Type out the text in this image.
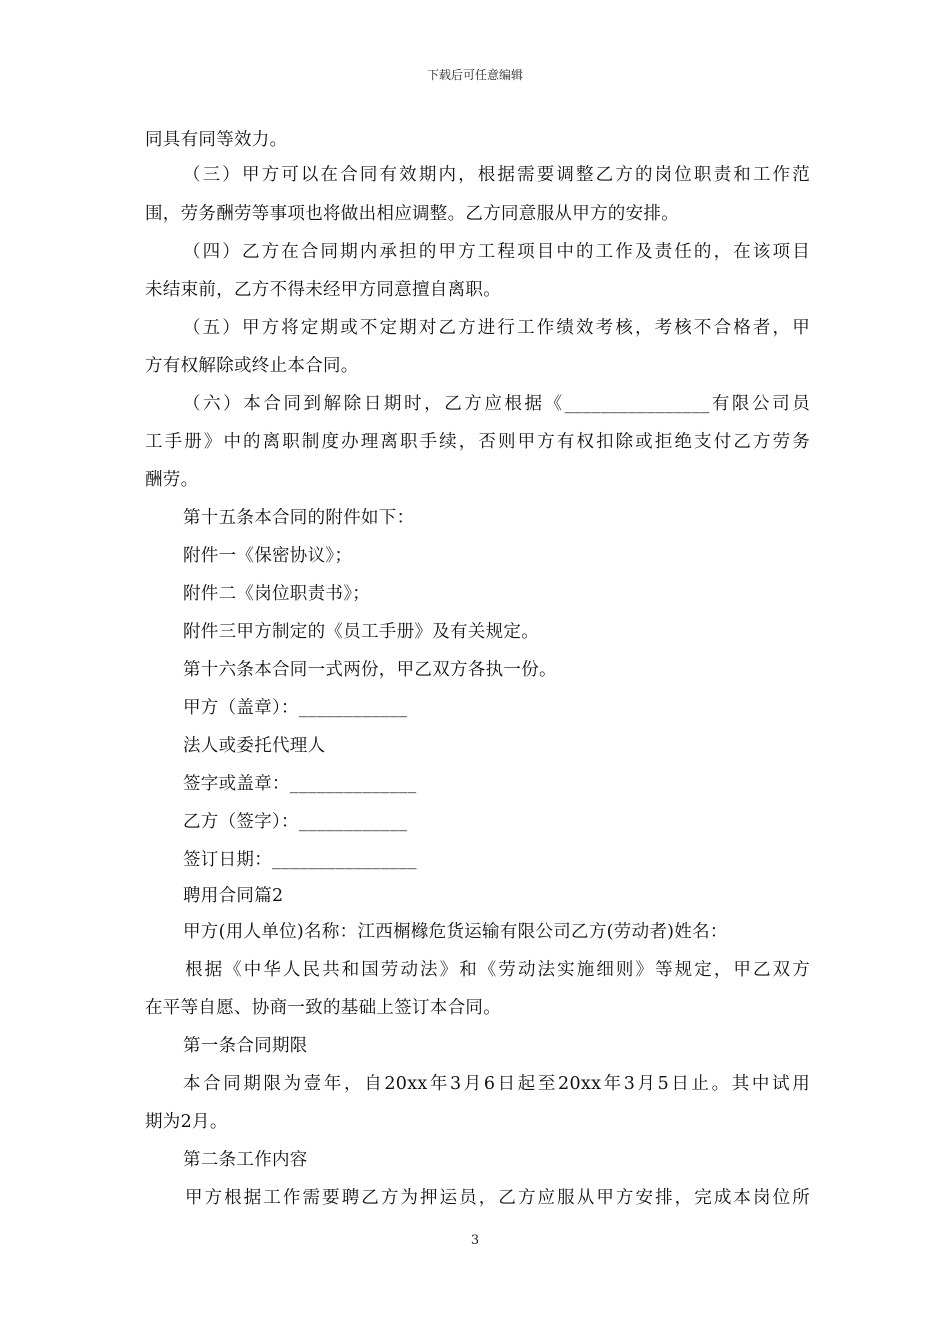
下载后可任意编辑
同具有同等效力。
（三）甲方可以在合同有效期内，根据需要调整乙方的岗位职责和工作范
围，劳务酬劳等事项也将做出相应调整。乙方同意服从甲方的安排。
（四）乙方在合同期内承担的甲方工程项目中的工作及责任的，在该项目
未结束前，乙方不得未经甲方同意擅自离职。
（五）甲方将定期或不定期对乙方进行工作绩效考核，考核不合格者，甲
方有权解除或终止本合同。
（六）本合同到解除日期时，乙方应根据《________________有限公司员
工手册》中的离职制度办理离职手续，否则甲方有权扣除或拒绝支付乙方劳务
酬劳。
第十五条本合同的附件如下：
附件一《保密协议》；
附件二《岗位职责书》；
附件三甲方制定的《员工手册》及有关规定。
第十六条本合同一式两份，甲乙双方各执一份。
甲方（盖章）：____________
法人或委托代理人
签字或盖章：______________
乙方（签字）：____________
签订日期：________________
聘用合同篇2
甲方(用人单位)名称：江西榍橼危货运输有限公司乙方(劳动者)姓名：
根据《中华人民共和国劳动法》和《劳动法实施细则》等规定，甲乙双方
在平等自愿、协商一致的基础上签订本合同。
第一条合同期限
本合同期限为壹年，自20xx年3月6日起至20xx年3月5日止。其中试用
期为2月。
第二条工作内容
甲方根据工作需要聘乙方为押运员，乙方应服从甲方安排，完成本岗位所
3
